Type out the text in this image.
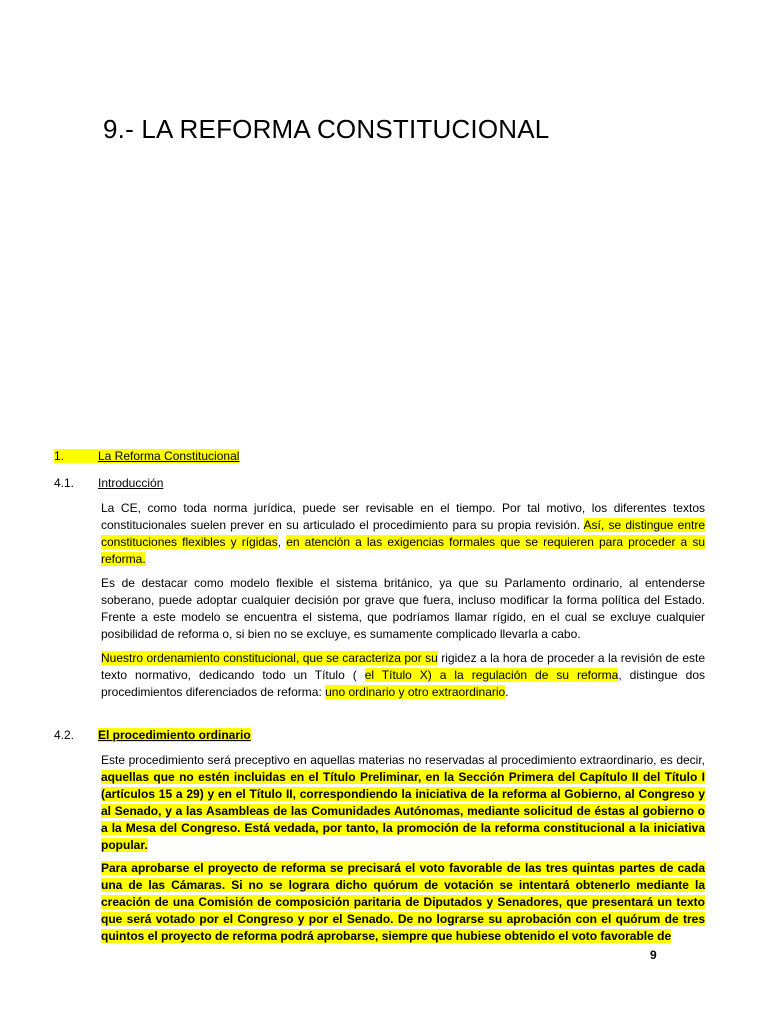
9.- LA REFORMA CONSTITUCIONAL
1.	La Reforma Constitucional
4.1. Introducción
La CE, como toda norma jurídica, puede ser revisable en el tiempo. Por tal motivo, los diferentes textos constitucionales suelen prever en su articulado el procedimiento para su propia revisión. Así, se distingue entre constituciones flexibles y rígidas, en atención a las exigencias formales que se requieren para proceder a su reforma.
Es de destacar como modelo flexible el sistema británico, ya que su Parlamento ordinario, al entenderse soberano, puede adoptar cualquier decisión por grave que fuera, incluso modificar la forma política del Estado. Frente a este modelo se encuentra el sistema, que podríamos llamar rígido, en el cual se excluye cualquier posibilidad de reforma o, si bien no se excluye, es sumamente complicado llevarla a cabo.
Nuestro ordenamiento constitucional, que se caracteriza por su rigidez a la hora de proceder a la revisión de este texto normativo, dedicando todo un Título ( el Título X) a la regulación de su reforma, distingue dos procedimientos diferenciados de reforma: uno ordinario y otro extraordinario.
4.2. El procedimiento ordinario
Este procedimiento será preceptivo en aquellas materias no reservadas al procedimiento extraordinario, es decir, aquellas que no estén incluidas en el Título Preliminar, en la Sección Primera del Capítulo II del Título I (artículos 15 a 29) y en el Título II, correspondiendo la iniciativa de la reforma al Gobierno, al Congreso y al Senado, y a las Asambleas de las Comunidades Autónomas, mediante solicitud de éstas al gobierno o a la Mesa del Congreso. Está vedada, por tanto, la promoción de la reforma constitucional a la iniciativa popular.
Para aprobarse el proyecto de reforma se precisará el voto favorable de las tres quintas partes de cada una de las Cámaras. Si no se lograra dicho quórum de votación se intentará obtenerlo mediante la creación de una Comisión de composición paritaria de Diputados y Senadores, que presentará un texto que será votado por el Congreso y por el Senado. De no lograrse su aprobación con el quórum de tres quintos el proyecto de reforma podrá aprobarse, siempre que hubiese obtenido el voto favorable de
9
